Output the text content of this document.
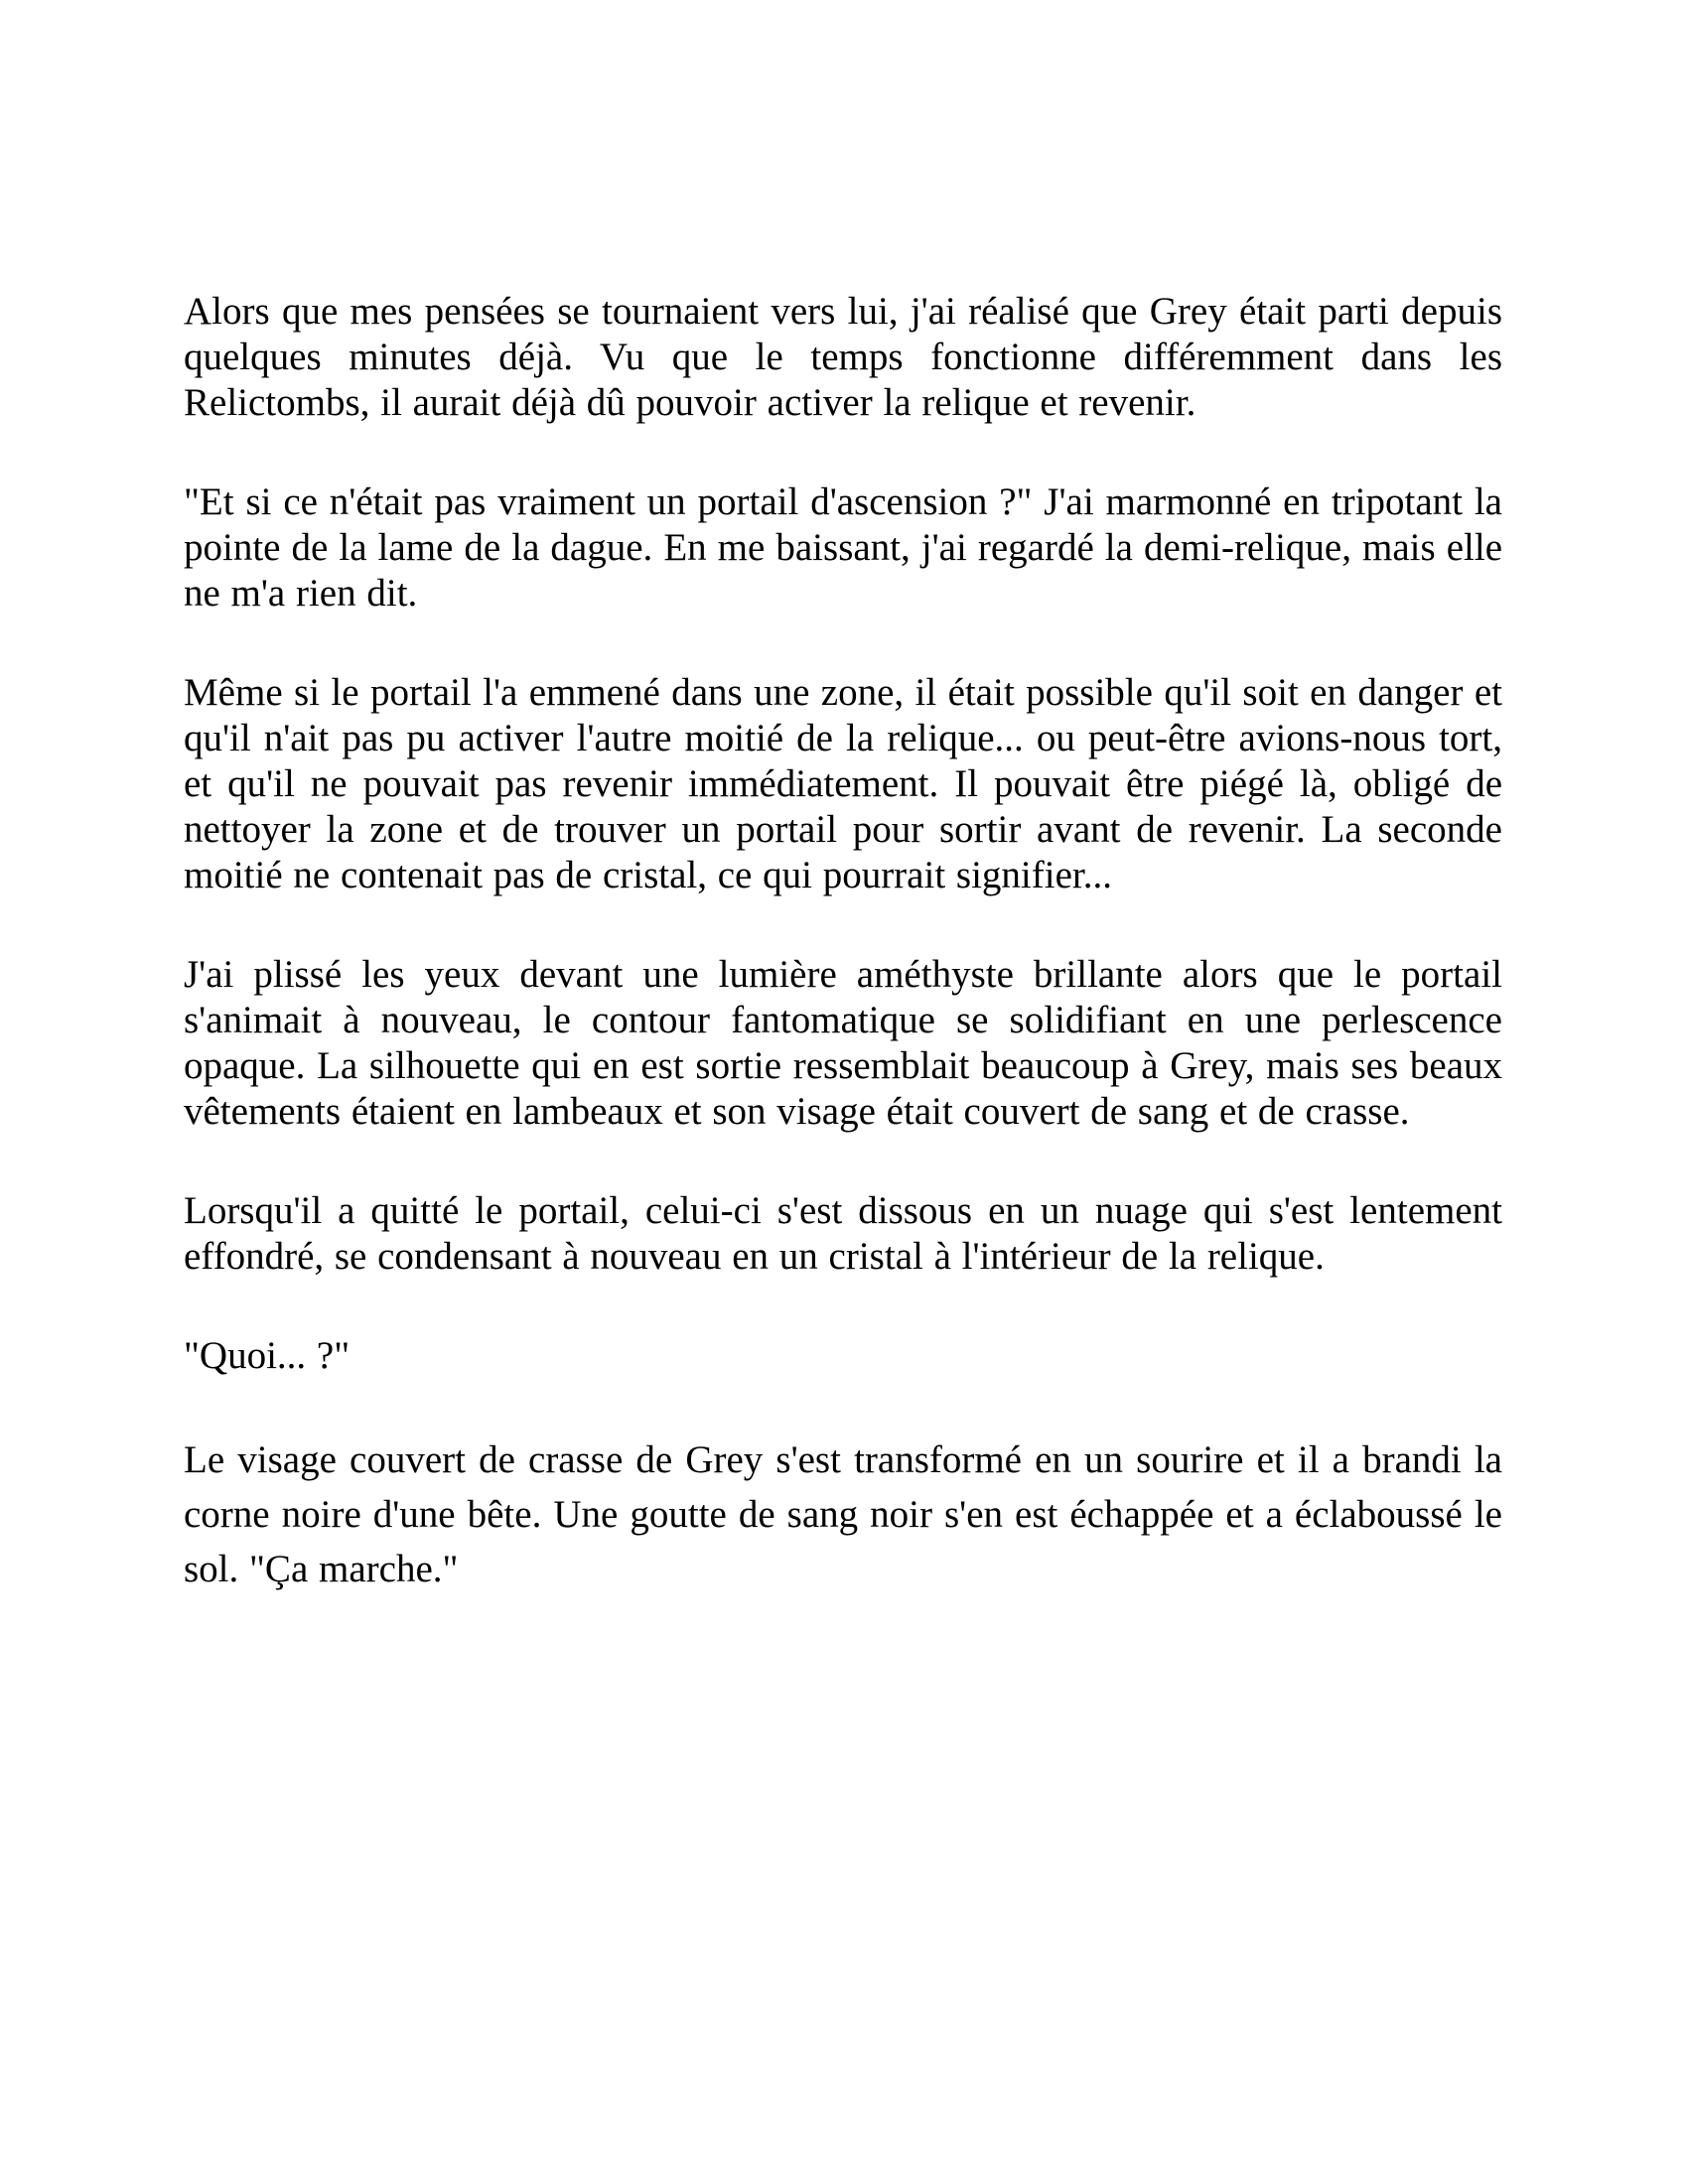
Alors que mes pensées se tournaient vers lui, j'ai réalisé que Grey était parti depuis quelques minutes déjà. Vu que le temps fonctionne différemment dans les Relictombs, il aurait déjà dû pouvoir activer la relique et revenir.

"Et si ce n'était pas vraiment un portail d'ascension ?" J'ai marmonné en tripotant la pointe de la lame de la dague. En me baissant, j'ai regardé la demi-relique, mais elle ne m'a rien dit.

Même si le portail l'a emmené dans une zone, il était possible qu'il soit en danger et qu'il n'ait pas pu activer l'autre moitié de la relique... ou peut-être avions-nous tort, et qu'il ne pouvait pas revenir immédiatement. Il pouvait être piégé là, obligé de nettoyer la zone et de trouver un portail pour sortir avant de revenir. La seconde moitié ne contenait pas de cristal, ce qui pourrait signifier...

J'ai plissé les yeux devant une lumière améthyste brillante alors que le portail s'animait à nouveau, le contour fantomatique se solidifiant en une perlescence opaque. La silhouette qui en est sortie ressemblait beaucoup à Grey, mais ses beaux vêtements étaient en lambeaux et son visage était couvert de sang et de crasse.

Lorsqu'il a quitté le portail, celui-ci s'est dissous en un nuage qui s'est lentement effondré, se condensant à nouveau en un cristal à l'intérieur de la relique.

"Quoi... ?"

Le visage couvert de crasse de Grey s'est transformé en un sourire et il a brandi la corne noire d'une bête. Une goutte de sang noir s'en est échappée et a éclaboussé le sol. "Ça marche."
